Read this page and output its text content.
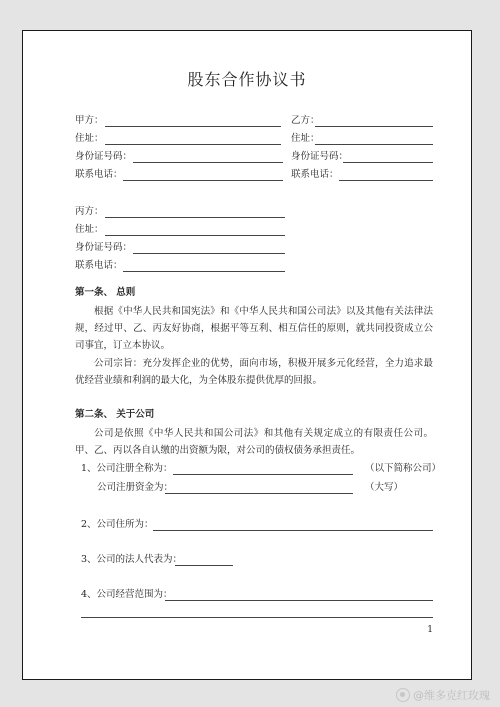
股东合作协议书
甲方：	乙方：
住址：	住址：
身份证号码：	身份证号码：
联系电话：	联系电话：
丙方：
住址：
身份证号码：
联系电话：
第一条、 总则
根据《中华人民共和国宪法》和《中华人民共和国公司法》以及其他有关法律法规，经过甲、乙、丙友好协商，根据平等互利、相互信任的原则，就共同投资成立公司事宜，订立本协议。
公司宗旨：充分发挥企业的优势，面向市场，积极开展多元化经营，全力追求最优经营业绩和利润的最大化，为全体股东提供优厚的回报。
第二条、 关于公司
公司是依照《中华人民共和国公司法》和其他有关规定成立的有限责任公司。甲、乙、丙以各自认缴的出资额为限，对公司的债权债务承担责任。
1、公司注册全称为：	（以下简称公司）
公司注册资金为：	（大写）
2、公司住所为：
3、公司的法人代表为：
4、公司经营范围为：
1
@维多克红玫瑰
